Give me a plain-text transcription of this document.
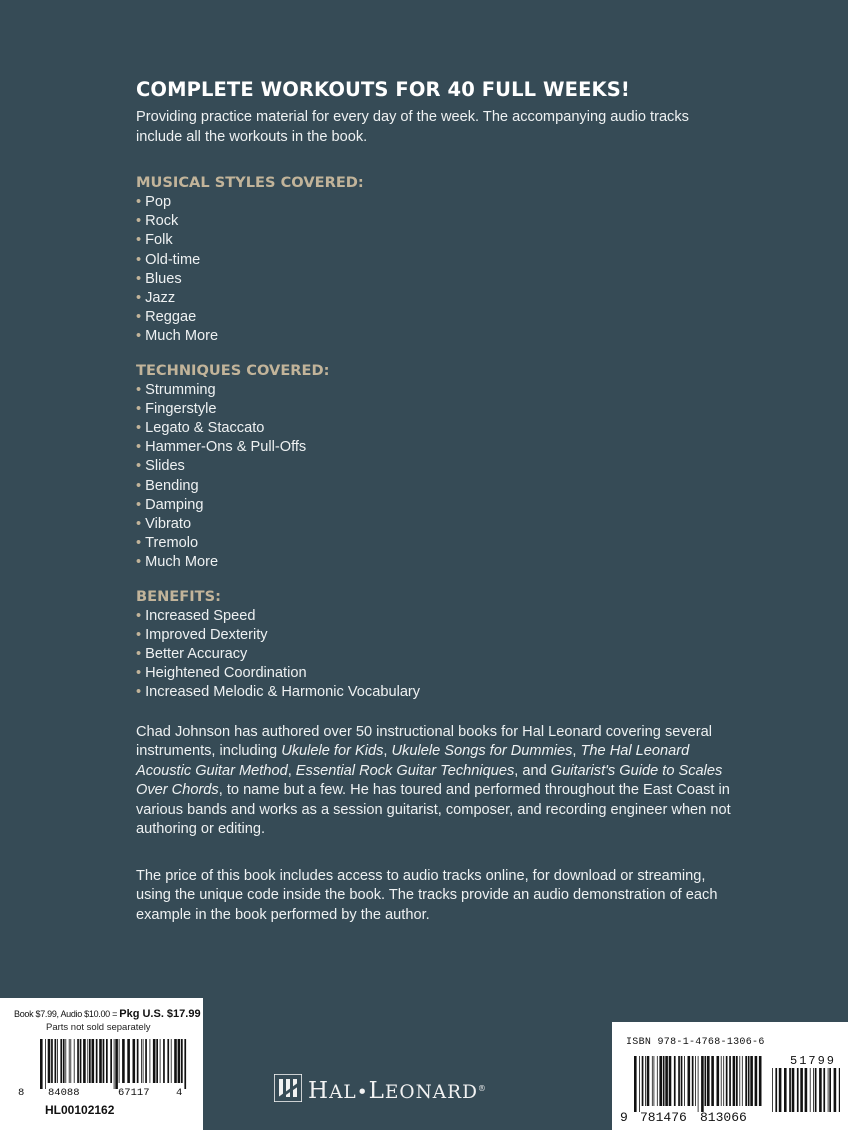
COMPLETE WORKOUTS FOR 40 FULL WEEKS!

Providing practice material for every day of the week. The accompanying audio tracks include all the workouts in the book.

MUSICAL STYLES COVERED:
• Pop
• Rock
• Folk
• Old-time
• Blues
• Jazz
• Reggae
• Much More
TECHNIQUES COVERED:
• Strumming
• Fingerstyle
• Legato & Staccato
• Hammer-Ons & Pull-Offs
• Slides
• Bending
• Damping
• Vibrato
• Tremolo
• Much More
BENEFITS:
• Increased Speed
• Improved Dexterity
• Better Accuracy
• Heightened Coordination
• Increased Melodic & Harmonic Vocabulary

Chad Johnson has authored over 50 instructional books for Hal Leonard covering several instruments, including Ukulele for Kids, Ukulele Songs for Dummies, The Hal Leonard Acoustic Guitar Method, Essential Rock Guitar Techniques, and Guitarist's Guide to Scales Over Chords, to name but a few. He has toured and performed throughout the East Coast in various bands and works as a session guitarist, composer, and recording engineer when not authoring or editing.

The price of this book includes access to audio tracks online, for download or streaming, using the unique code inside the book. The tracks provide an audio demonstration of each example in the book performed by the author.

Book $7.99, Audio $10.00 = Pkg U.S. $17.99
Parts not sold separately
8 84088	67117	4
HL00102162
HAL•LEONARD®
ISBN 978-1-4768-1306-6
51799
9 781476 813066
